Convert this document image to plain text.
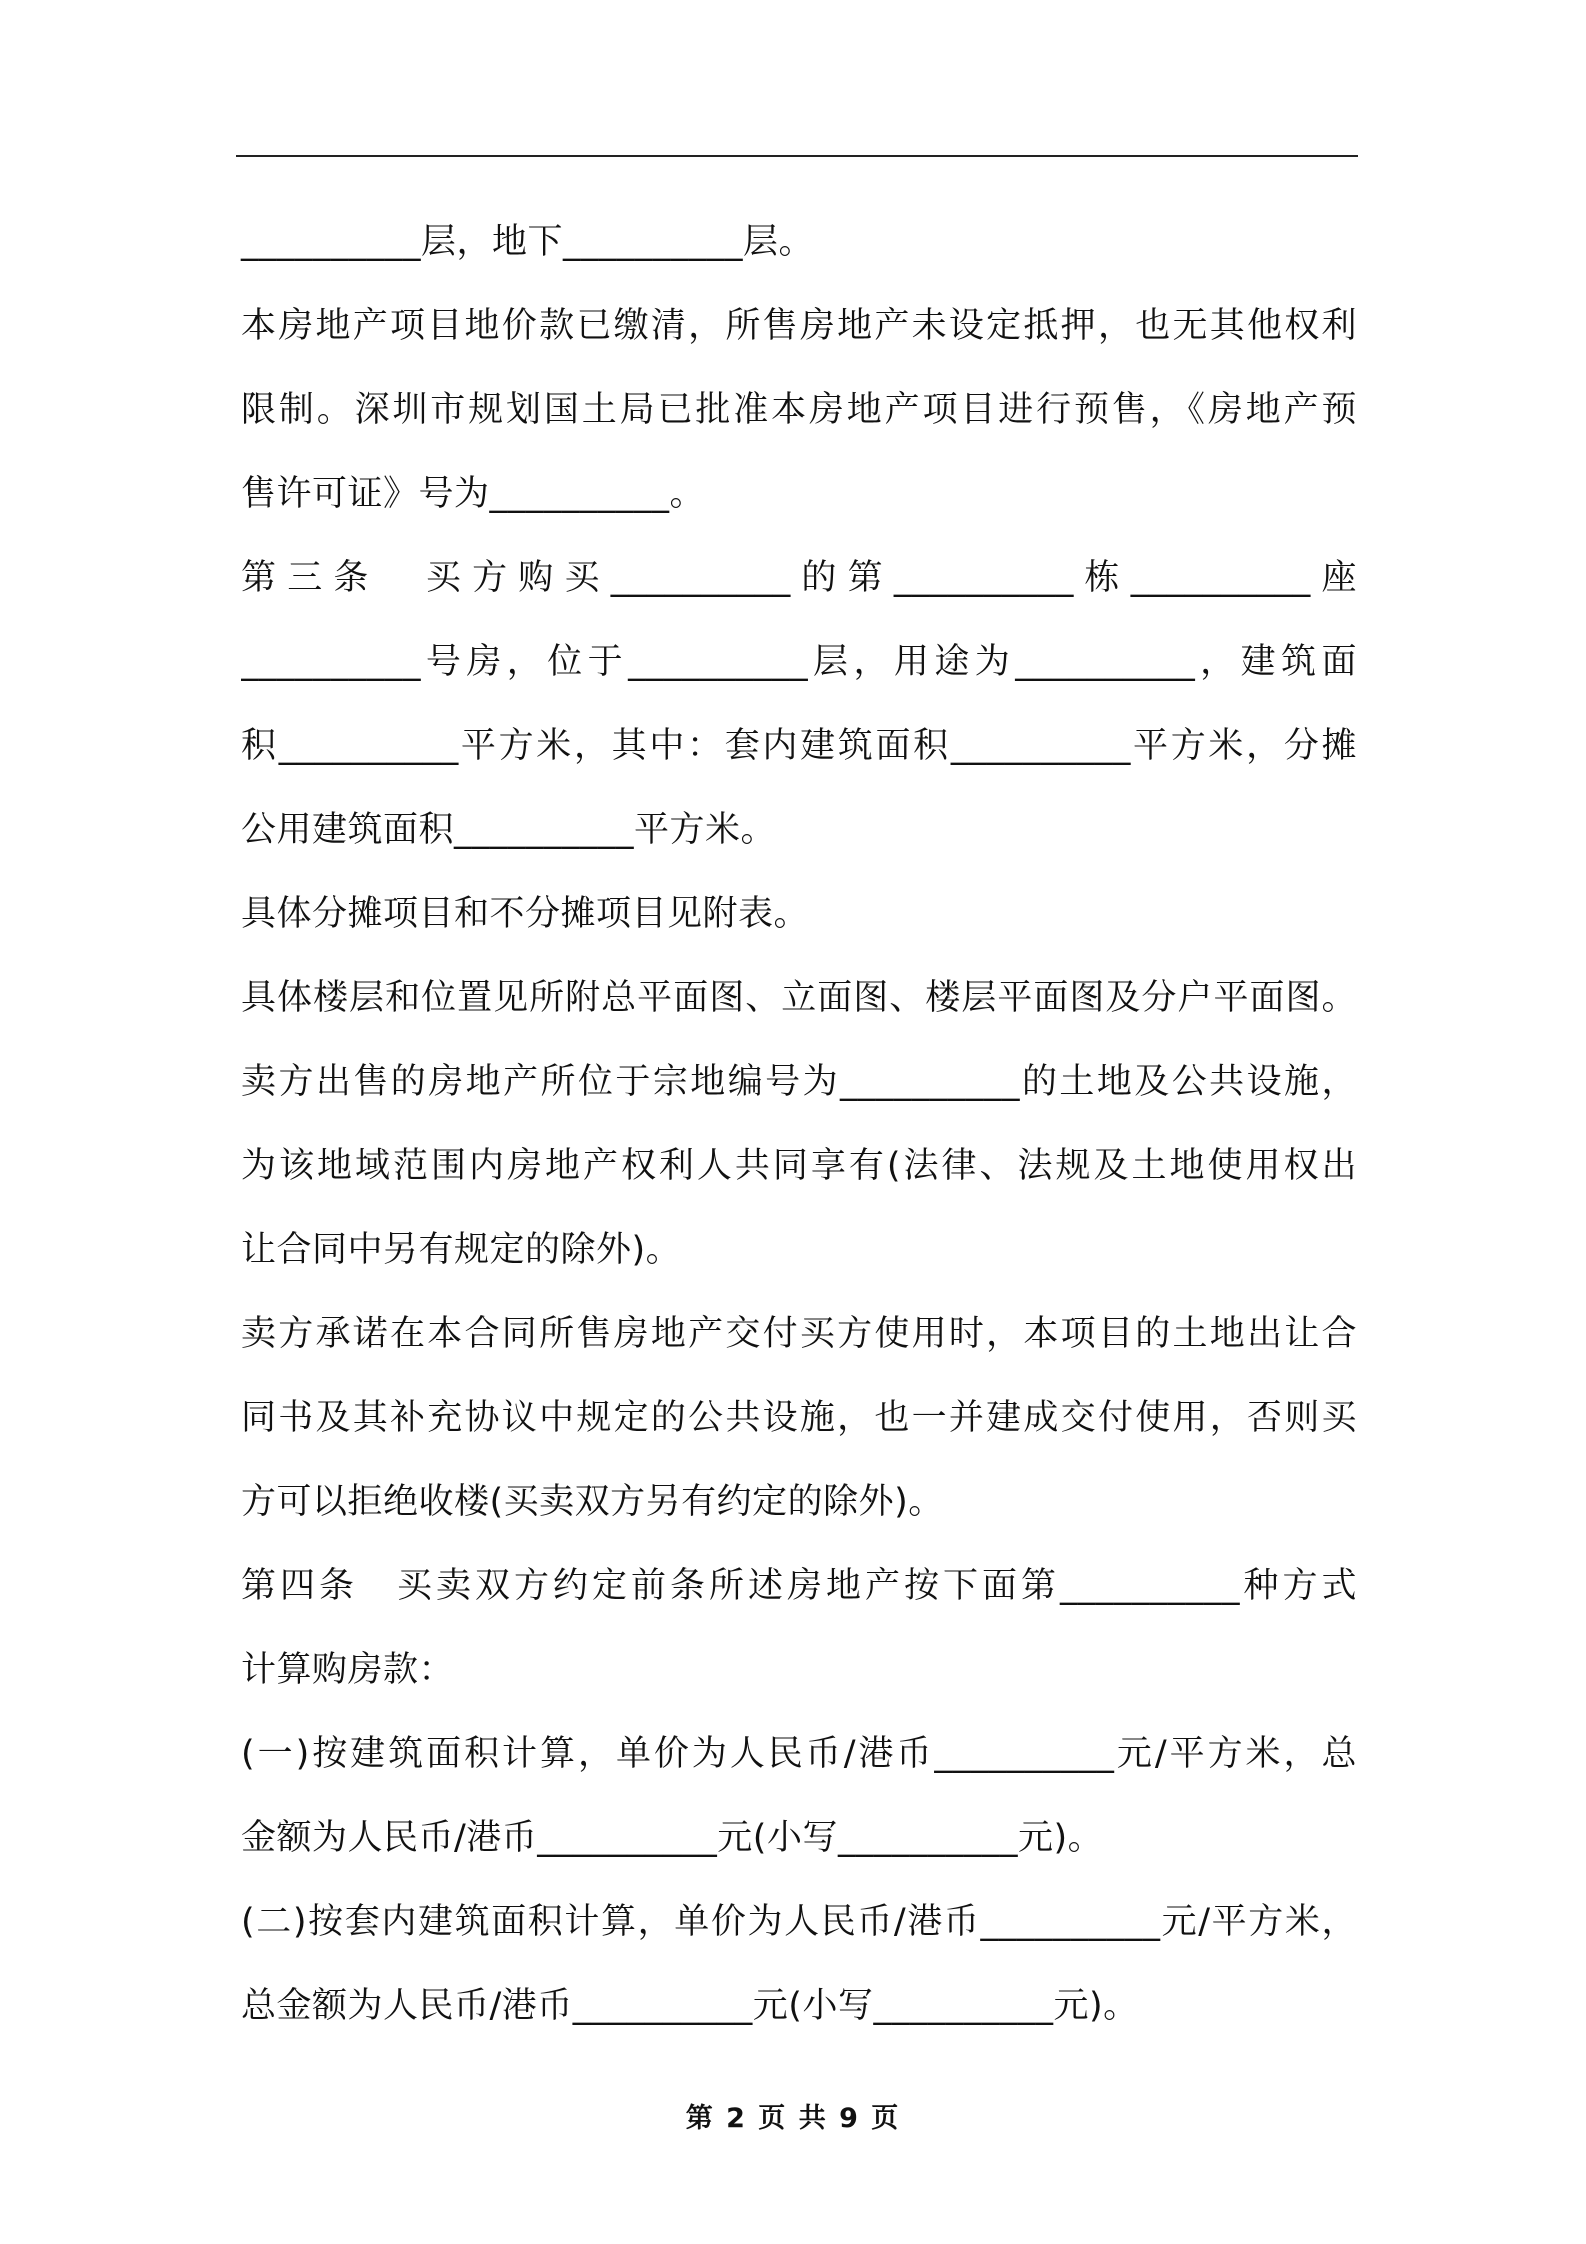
__________层，地下__________层。
本房地产项目地价款已缴清，所售房地产未设定抵押，也无其他权利
限制。深圳市规划国土局已批准本房地产项目进行预售，《房地产预
售许可证》号为__________。
第三条　买方购买__________的第__________栋__________座
__________号房，位于__________层，用途为__________，建筑面
积__________平方米，其中：套内建筑面积__________平方米，分摊
公用建筑面积__________平方米。
具体分摊项目和不分摊项目见附表。
具体楼层和位置见所附总平面图、立面图、楼层平面图及分户平面图。
卖方出售的房地产所位于宗地编号为__________的土地及公共设施，
为该地域范围内房地产权利人共同享有(法律、法规及土地使用权出
让合同中另有规定的除外)。
卖方承诺在本合同所售房地产交付买方使用时，本项目的土地出让合
同书及其补充协议中规定的公共设施，也一并建成交付使用，否则买
方可以拒绝收楼(买卖双方另有约定的除外)。
第四条　买卖双方约定前条所述房地产按下面第__________种方式
计算购房款：
(一)按建筑面积计算，单价为人民币/港币__________元/平方米，总
金额为人民币/港币__________元(小写__________元)。
(二)按套内建筑面积计算，单价为人民币/港币__________元/平方米，
总金额为人民币/港币__________元(小写__________元)。
第 2 页 共 9 页
